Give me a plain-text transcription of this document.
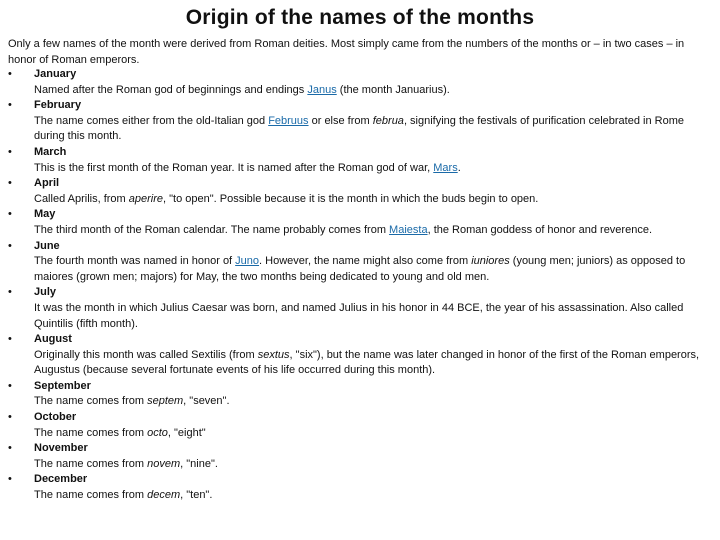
Origin of the names of the months
Only a few names of the month were derived from Roman deities. Most simply came from the numbers of the months or – in two cases – in honor of Roman emperors.
• January
Named after the Roman god of beginnings and endings Janus (the month Januarius).
• February
The name comes either from the old-Italian god Februus or else from februa, signifying the festivals of purification celebrated in Rome during this month.
• March
This is the first month of the Roman year. It is named after the Roman god of war, Mars.
• April
Called Aprilis, from aperire, "to open". Possible because it is the month in which the buds begin to open.
• May
The third month of the Roman calendar. The name probably comes from Maiesta, the Roman goddess of honor and reverence.
• June
The fourth month was named in honor of Juno. However, the name might also come from iuniores (young men; juniors) as opposed to maiores (grown men; majors) for May, the two months being dedicated to young and old men.
• July
It was the month in which Julius Caesar was born, and named Julius in his honor in 44 BCE, the year of his assassination. Also called Quintilis (fifth month).
• August
Originally this month was called Sextilis (from sextus, "six"), but the name was later changed in honor of the first of the Roman emperors, Augustus (because several fortunate events of his life occurred during this month).
• September
The name comes from septem, "seven".
• October
The name comes from octo, "eight"
• November
The name comes from novem, "nine".
• December
The name comes from decem, "ten".
